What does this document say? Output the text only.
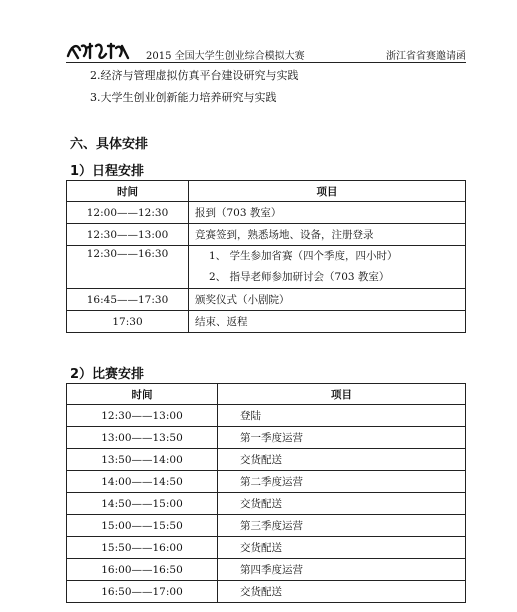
2015 全国大学生创业综合模拟大赛	浙江省省赛邀请函
2.经济与管理虚拟仿真平台建设研究与实践
3.大学生创业创新能力培养研究与实践
六、具体安排
1）日程安排
时间	项目
12:00——12:30	报到（703 教室）
12:30——13:00	竞赛签到，熟悉场地、设备，注册登录
12:30——16:30	1、 学生参加省赛（四个季度，四小时）
2、 指导老师参加研讨会（703 教室）

16:45——17:30	颁奖仪式（小剧院）
17:30	结束、返程
2）比赛安排
时间	项目
12:30——13:00	登陆
13:00——13:50	第一季度运营
13:50——14:00	交货配送
14:00——14:50	第二季度运营
14:50——15:00	交货配送
15:00——15:50	第三季度运营
15:50——16:00	交货配送
16:00——16:50	第四季度运营
16:50——17:00	交货配送
